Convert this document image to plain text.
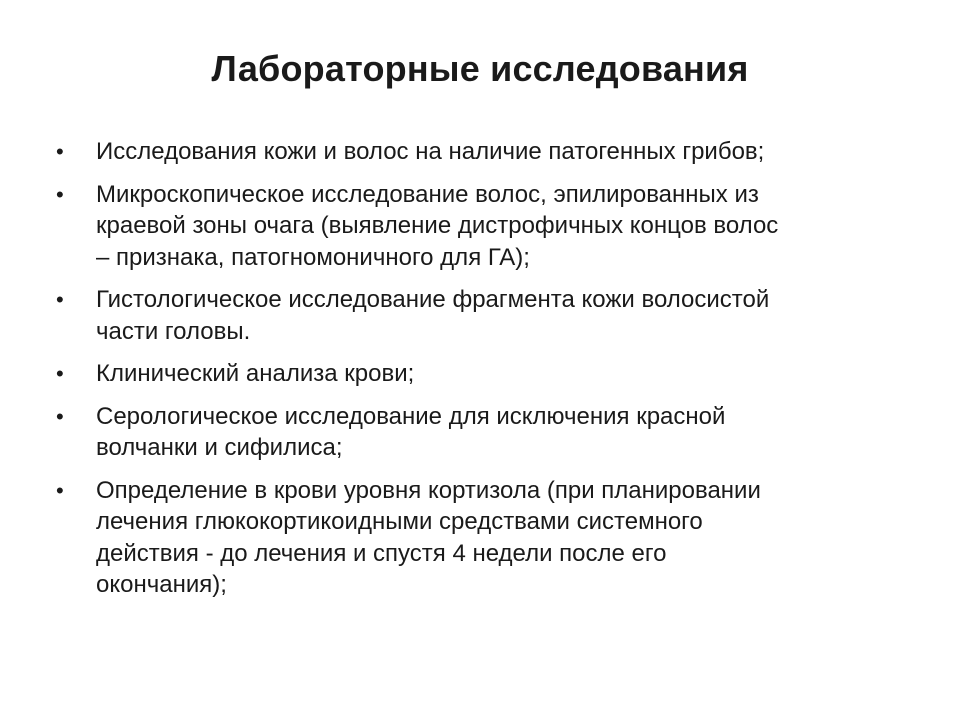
Лабораторные исследования
•	Исследования кожи и волос на наличие патогенных грибов;
•	Микроскопическое исследование волос, эпилированных из
краевой зоны очага (выявление дистрофичных концов волос
– признака, патогномоничного для ГА);
•	Гистологическое исследование фрагмента кожи волосистой
части головы.
•	Клинический анализа крови;
•	Серологическое исследование для исключения красной
волчанки и сифилиса;
•	Определение в крови уровня кортизола (при планировании
лечения глюкокортикоидными средствами системного
действия - до лечения и спустя 4 недели после его
окончания);
